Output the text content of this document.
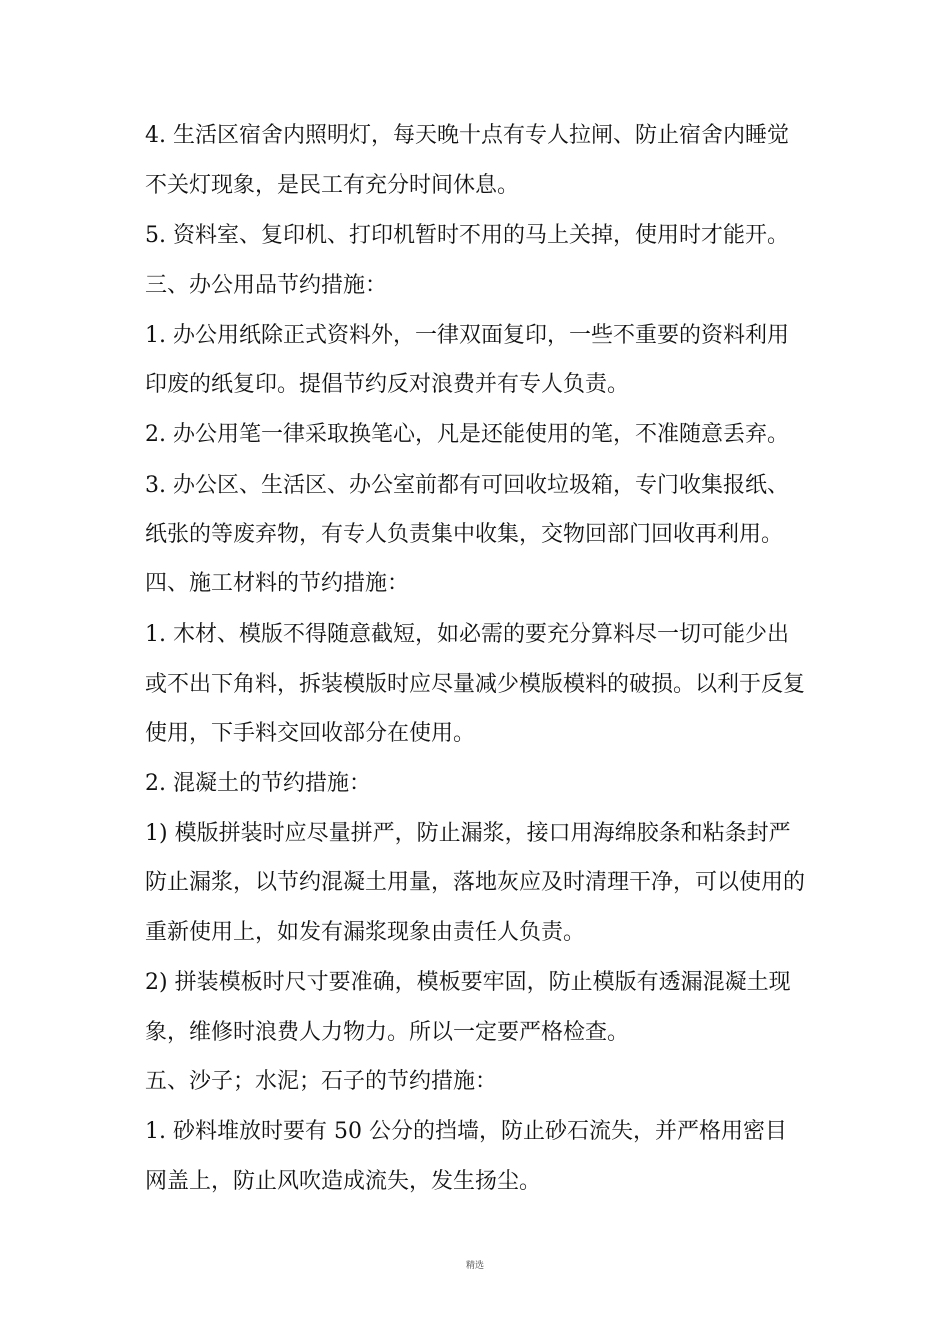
4. 生活区宿舍内照明灯，每天晚十点有专人拉闸、防止宿舍内睡觉
不关灯现象，是民工有充分时间休息。
5. 资料室、复印机、打印机暂时不用的马上关掉，使用时才能开。
三、办公用品节约措施：
1. 办公用纸除正式资料外，一律双面复印，一些不重要的资料利用
印废的纸复印。提倡节约反对浪费并有专人负责。
2. 办公用笔一律采取换笔心，凡是还能使用的笔，不准随意丢弃。
3. 办公区、生活区、办公室前都有可回收垃圾箱，专门收集报纸、
纸张的等废弃物，有专人负责集中收集，交物回部门回收再利用。
四、施工材料的节约措施：
1. 木材、模版不得随意截短，如必需的要充分算料尽一切可能少出
或不出下角料，拆装模版时应尽量减少模版模料的破损。以利于反复
使用，下手料交回收部分在使用。
2. 混凝土的节约措施：
1) 模版拼装时应尽量拼严，防止漏浆，接口用海绵胶条和粘条封严
防止漏浆，以节约混凝土用量，落地灰应及时清理干净，可以使用的
重新使用上，如发有漏浆现象由责任人负责。
2) 拼装模板时尺寸要准确，模板要牢固，防止模版有透漏混凝土现
象，维修时浪费人力物力。所以一定要严格检查。
五、沙子；水泥；石子的节约措施：
1. 砂料堆放时要有 50 公分的挡墙，防止砂石流失，并严格用密目
网盖上，防止风吹造成流失，发生扬尘。
精选
